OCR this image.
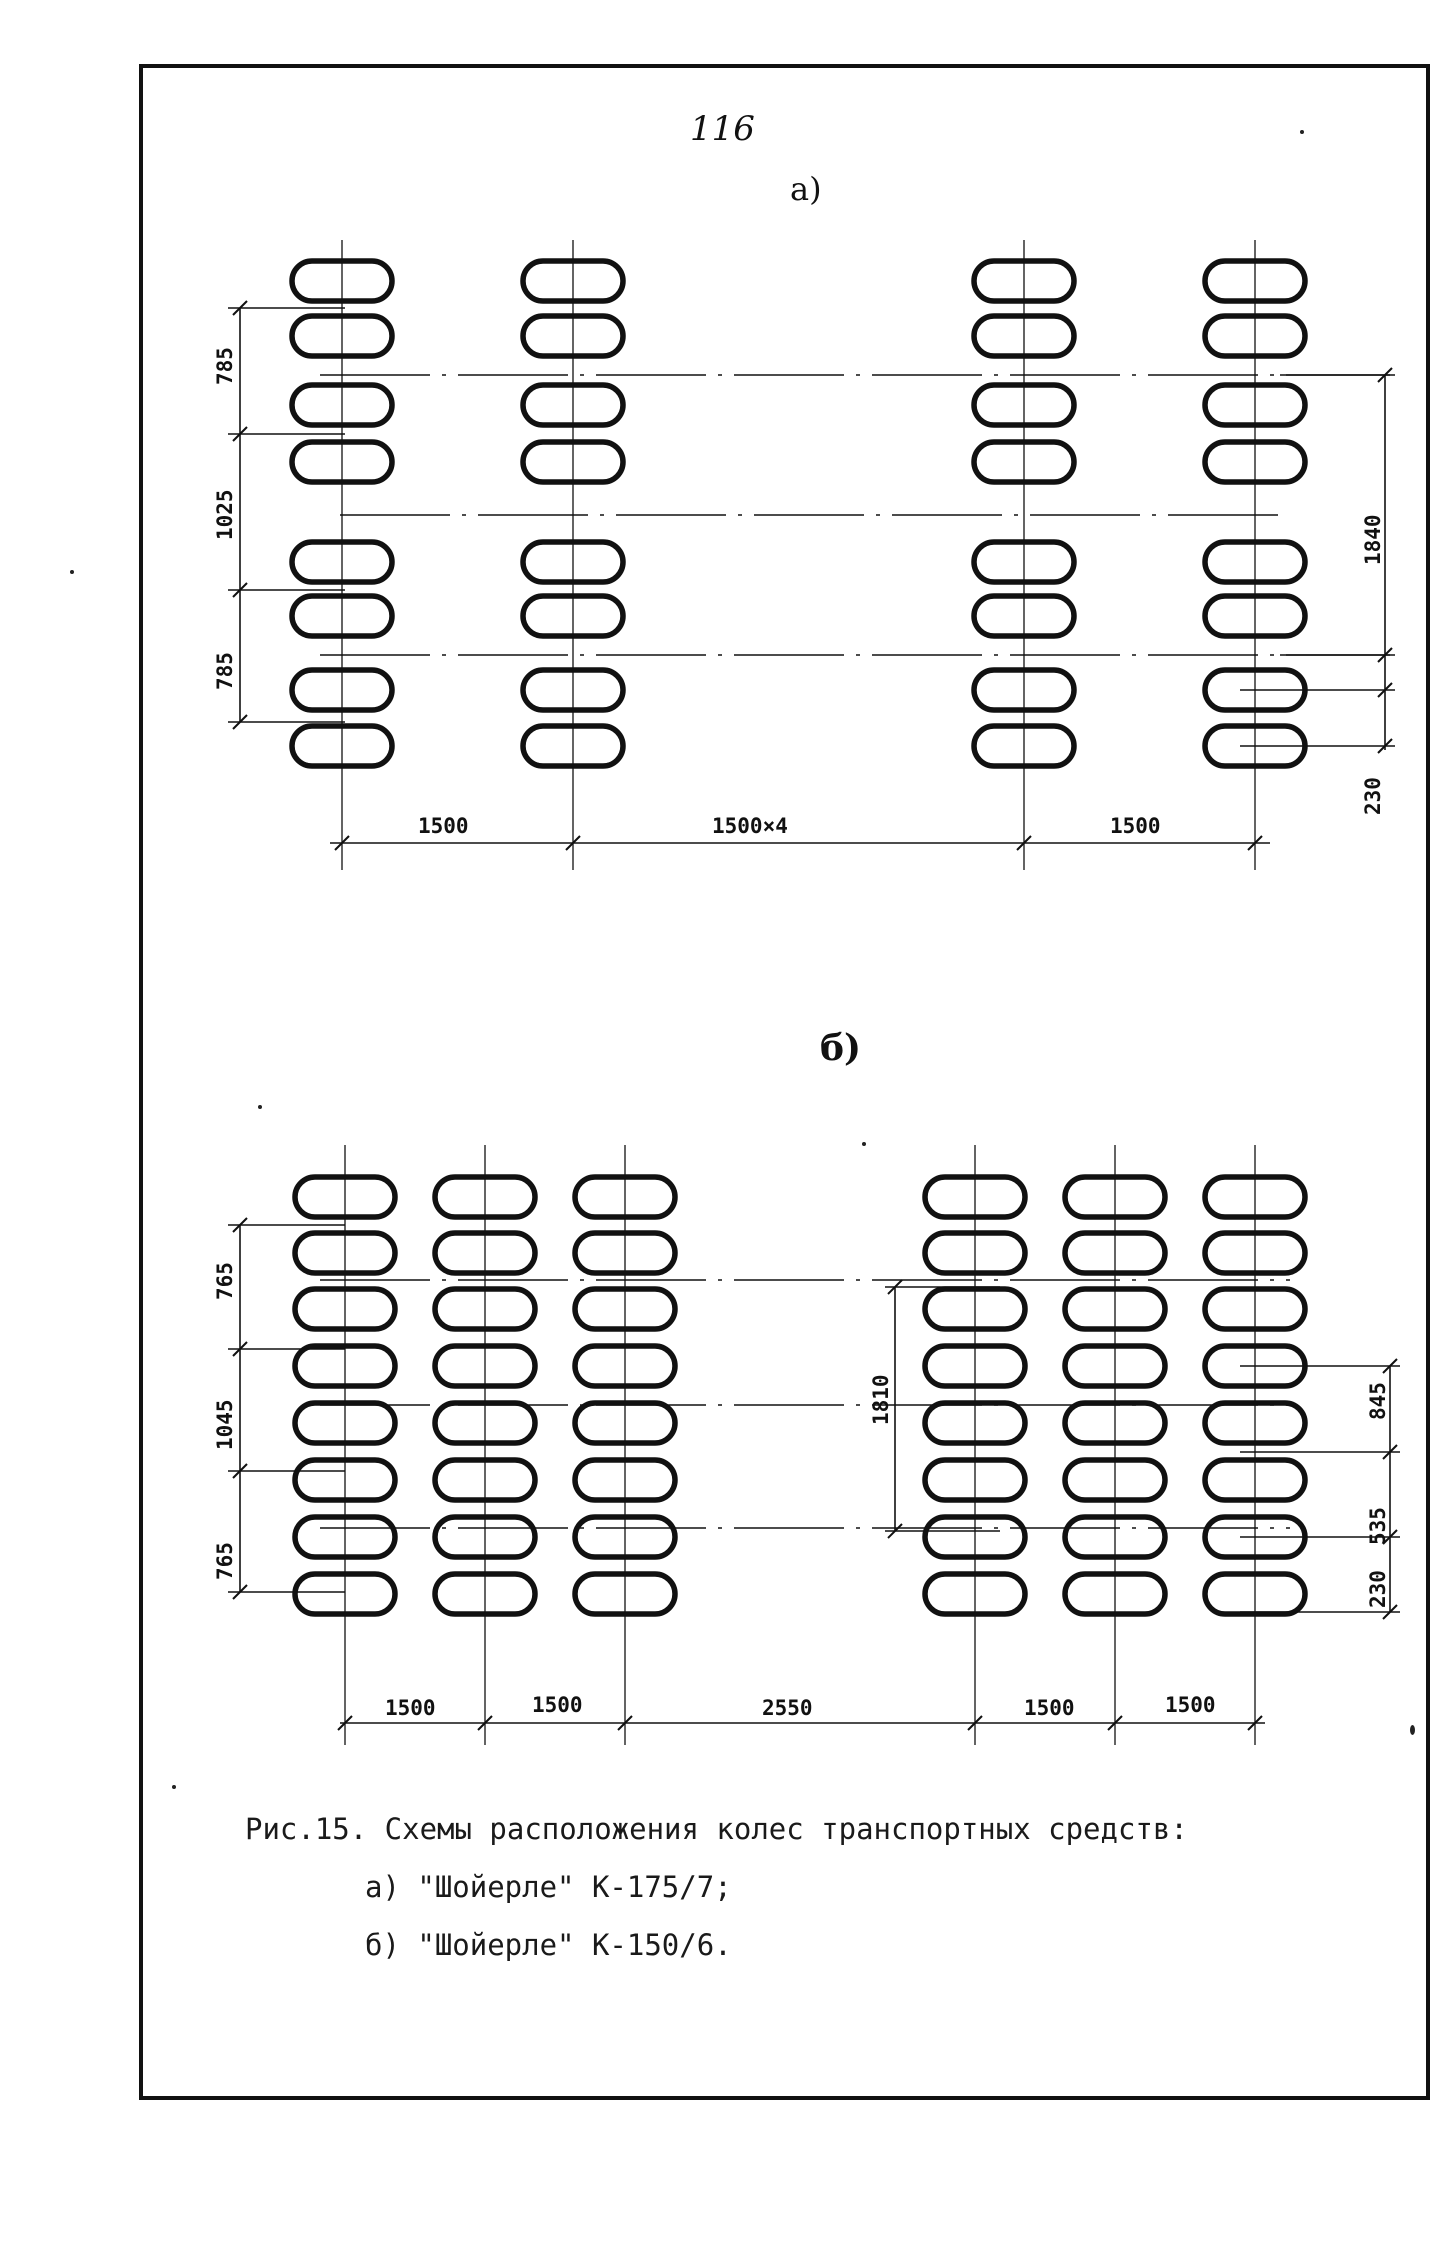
116
а)
785
1025
785
1840
230
1500	1500×4	1500
б)
765
1045
765
1810	845
535
230
1500	1500	2550	1500	1500
Рис.15. Схемы расположения колес транспортных средств:
а) "Шойерле" К-175/7;
б) "Шойерле" К-150/6.
